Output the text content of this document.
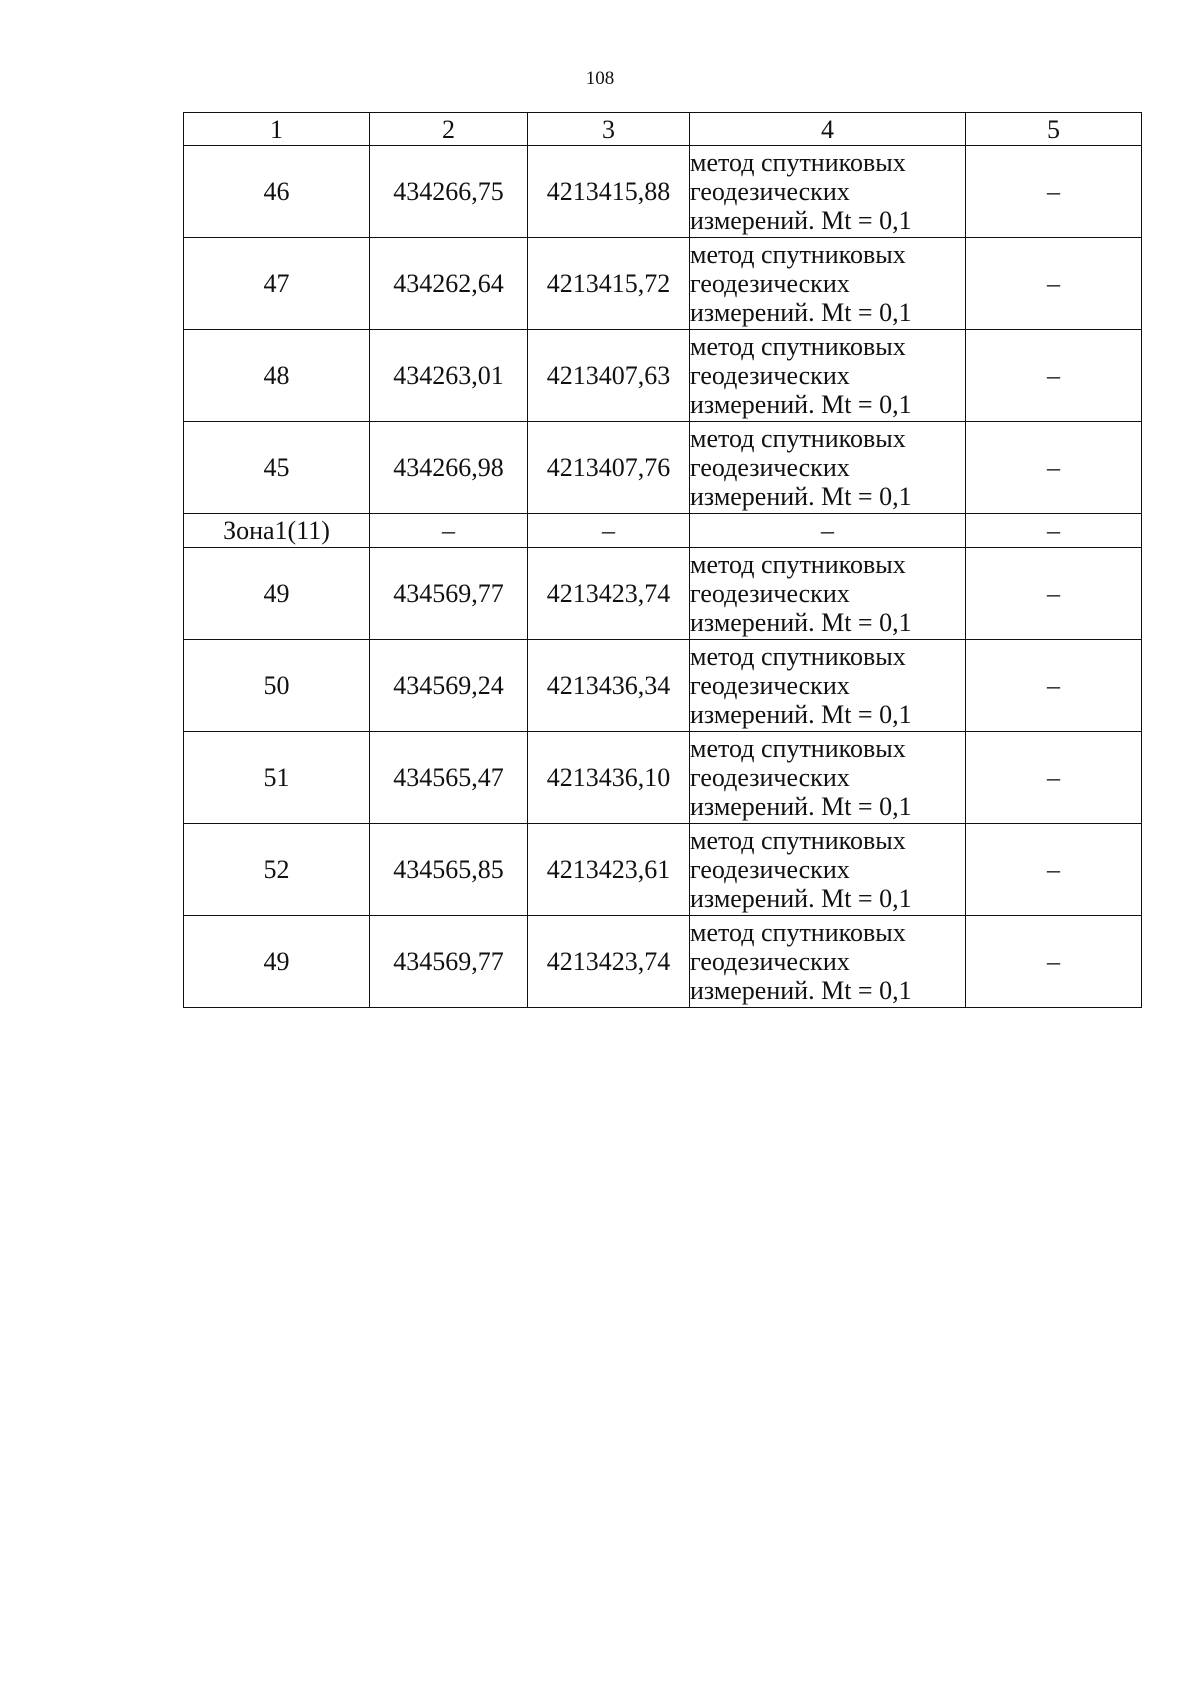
108
1	2	3	4	5
46	434266,75	4213415,88	метод спутниковых геодезических измерений. Mt = 0,1	–
47	434262,64	4213415,72	метод спутниковых геодезических измерений. Mt = 0,1	–
48	434263,01	4213407,63	метод спутниковых геодезических измерений. Mt = 0,1	–
45	434266,98	4213407,76	метод спутниковых геодезических измерений. Mt = 0,1	–
Зона1(11)	–	–	–	–
49	434569,77	4213423,74	метод спутниковых геодезических измерений. Mt = 0,1	–
50	434569,24	4213436,34	метод спутниковых геодезических измерений. Mt = 0,1	–
51	434565,47	4213436,10	метод спутниковых геодезических измерений. Mt = 0,1	–
52	434565,85	4213423,61	метод спутниковых геодезических измерений. Mt = 0,1	–
49	434569,77	4213423,74	метод спутниковых геодезических измерений. Mt = 0,1	–
